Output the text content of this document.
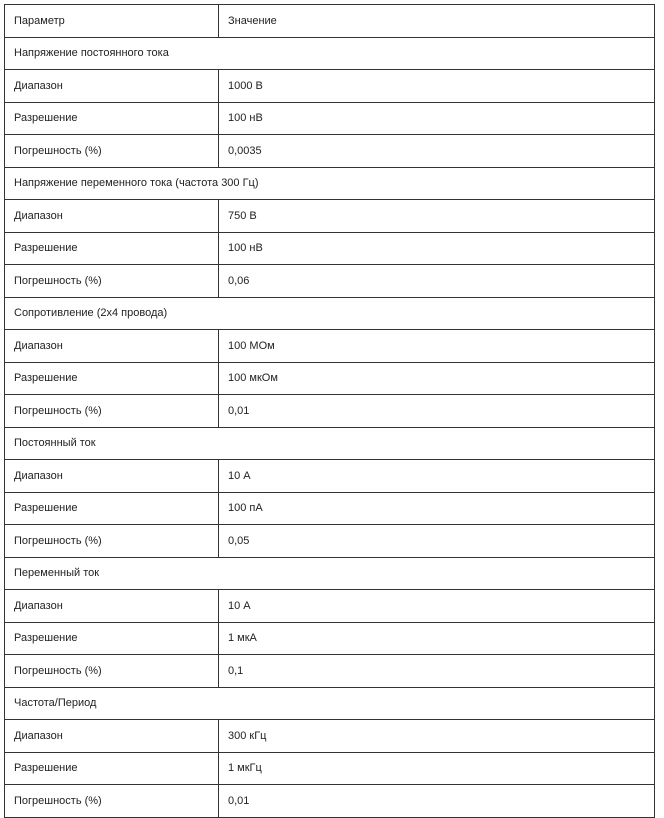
Параметр	Значение
Напряжение постоянного тока	
Диапазон	1000 В
Разрешение	100 нВ
Погрешность (%)	0,0035
Напряжение переменного тока (частота 300 Гц)	
Диапазон	750 В
Разрешение	100 нВ
Погрешность (%)	0,06
Сопротивление (2х4 провода)	
Диапазон	100 МОм
Разрешение	100 мкОм
Погрешность (%)	0,01
Постоянный ток	
Диапазон	10 А
Разрешение	100 пА
Погрешность (%)	0,05
Переменный ток	
Диапазон	10 А
Разрешение	1 мкА
Погрешность (%)	0,1
Частота/Период	
Диапазон	300 кГц
Разрешение	1 мкГц
Погрешность (%)	0,01
